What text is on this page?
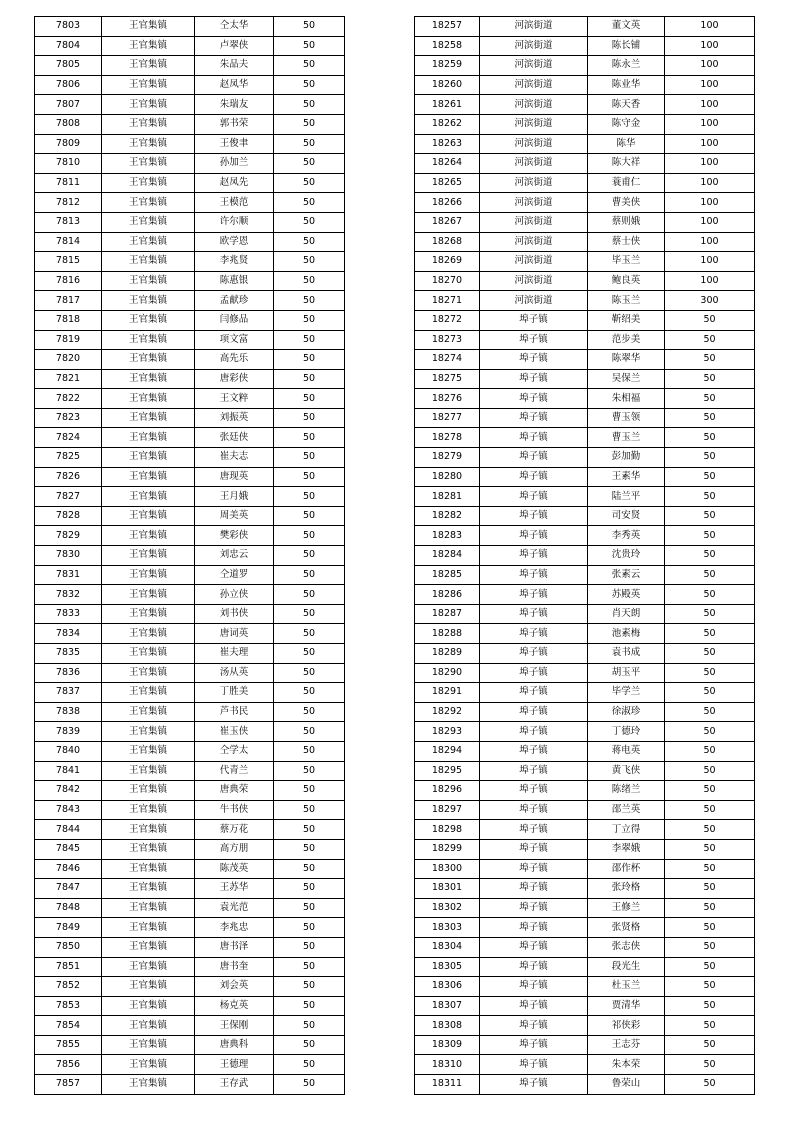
7803	王官集镇	仝太华	50
7804	王官集镇	卢翠侠	50
7805	王官集镇	朱品夫	50
7806	王官集镇	赵凤华	50
7807	王官集镇	朱瑞友	50
7808	王官集镇	郭书荣	50
7809	王官集镇	王俊聿	50
7810	王官集镇	孙加兰	50
7811	王官集镇	赵凤先	50
7812	王官集镇	王模范	50
7813	王官集镇	许尔顺	50
7814	王官集镇	欧学恩	50
7815	王官集镇	李兆贤	50
7816	王官集镇	陈惠银	50
7817	王官集镇	孟献珍	50
7818	王官集镇	闫修品	50
7819	王官集镇	项文富	50
7820	王官集镇	高先乐	50
7821	王官集镇	唐彩侠	50
7822	王官集镇	王文粹	50
7823	王官集镇	刘振英	50
7824	王官集镇	张廷侠	50
7825	王官集镇	崔夫志	50
7826	王官集镇	唐现英	50
7827	王官集镇	王月娥	50
7828	王官集镇	周美英	50
7829	王官集镇	樊彩侠	50
7830	王官集镇	刘忠云	50
7831	王官集镇	仝道罗	50
7832	王官集镇	孙立侠	50
7833	王官集镇	刘书侠	50
7834	王官集镇	唐词英	50
7835	王官集镇	崔夫理	50
7836	王官集镇	汤从英	50
7837	王官集镇	丁胜美	50
7838	王官集镇	芦书民	50
7839	王官集镇	崔玉侠	50
7840	王官集镇	仝学太	50
7841	王官集镇	代青兰	50
7842	王官集镇	唐典荣	50
7843	王官集镇	牛书侠	50
7844	王官集镇	蔡万花	50
7845	王官集镇	高方朋	50
7846	王官集镇	陈茂英	50
7847	王官集镇	王苏华	50
7848	王官集镇	袁光范	50
7849	王官集镇	李兆忠	50
7850	王官集镇	唐书泽	50
7851	王官集镇	唐书奎	50
7852	王官集镇	刘会英	50
7853	王官集镇	杨克英	50
7854	王官集镇	王保刚	50
7855	王官集镇	唐典科	50
7856	王官集镇	王德理	50
7857	王官集镇	王存武	50
18257	河滨街道	董文英	100
18258	河滨街道	陈长铺	100
18259	河滨街道	陈永兰	100
18260	河滨街道	陈业华	100
18261	河滨街道	陈天香	100
18262	河滨街道	陈守金	100
18263	河滨街道	陈华	100
18264	河滨街道	陈大祥	100
18265	河滨街道	蓑甫仁	100
18266	河滨街道	曹美侠	100
18267	河滨街道	蔡则娥	100
18268	河滨街道	蔡士侠	100
18269	河滨街道	毕玉兰	100
18270	河滨街道	鲍良英	100
18271	河滨街道	陈玉兰	300
18272	埠子镇	靳绍美	50
18273	埠子镇	范步美	50
18274	埠子镇	陈翠华	50
18275	埠子镇	吴保兰	50
18276	埠子镇	朱相福	50
18277	埠子镇	曹玉领	50
18278	埠子镇	曹玉兰	50
18279	埠子镇	彭加勤	50
18280	埠子镇	王素华	50
18281	埠子镇	陆兰平	50
18282	埠子镇	司安贤	50
18283	埠子镇	李秀英	50
18284	埠子镇	沈贵玲	50
18285	埠子镇	张素云	50
18286	埠子镇	苏殿英	50
18287	埠子镇	肖天朗	50
18288	埠子镇	池素梅	50
18289	埠子镇	袁书成	50
18290	埠子镇	胡玉平	50
18291	埠子镇	毕学兰	50
18292	埠子镇	徐淑珍	50
18293	埠子镇	丁德玲	50
18294	埠子镇	蒋电英	50
18295	埠子镇	黄飞侠	50
18296	埠子镇	陈绪兰	50
18297	埠子镇	邵兰英	50
18298	埠子镇	丁立得	50
18299	埠子镇	李翠娥	50
18300	埠子镇	邵作杯	50
18301	埠子镇	张玲格	50
18302	埠子镇	王修兰	50
18303	埠子镇	张贤格	50
18304	埠子镇	张志侠	50
18305	埠子镇	段光生	50
18306	埠子镇	杜玉兰	50
18307	埠子镇	贾清华	50
18308	埠子镇	祁侠彩	50
18309	埠子镇	王志芬	50
18310	埠子镇	朱本荣	50
18311	埠子镇	鲁荣山	50
